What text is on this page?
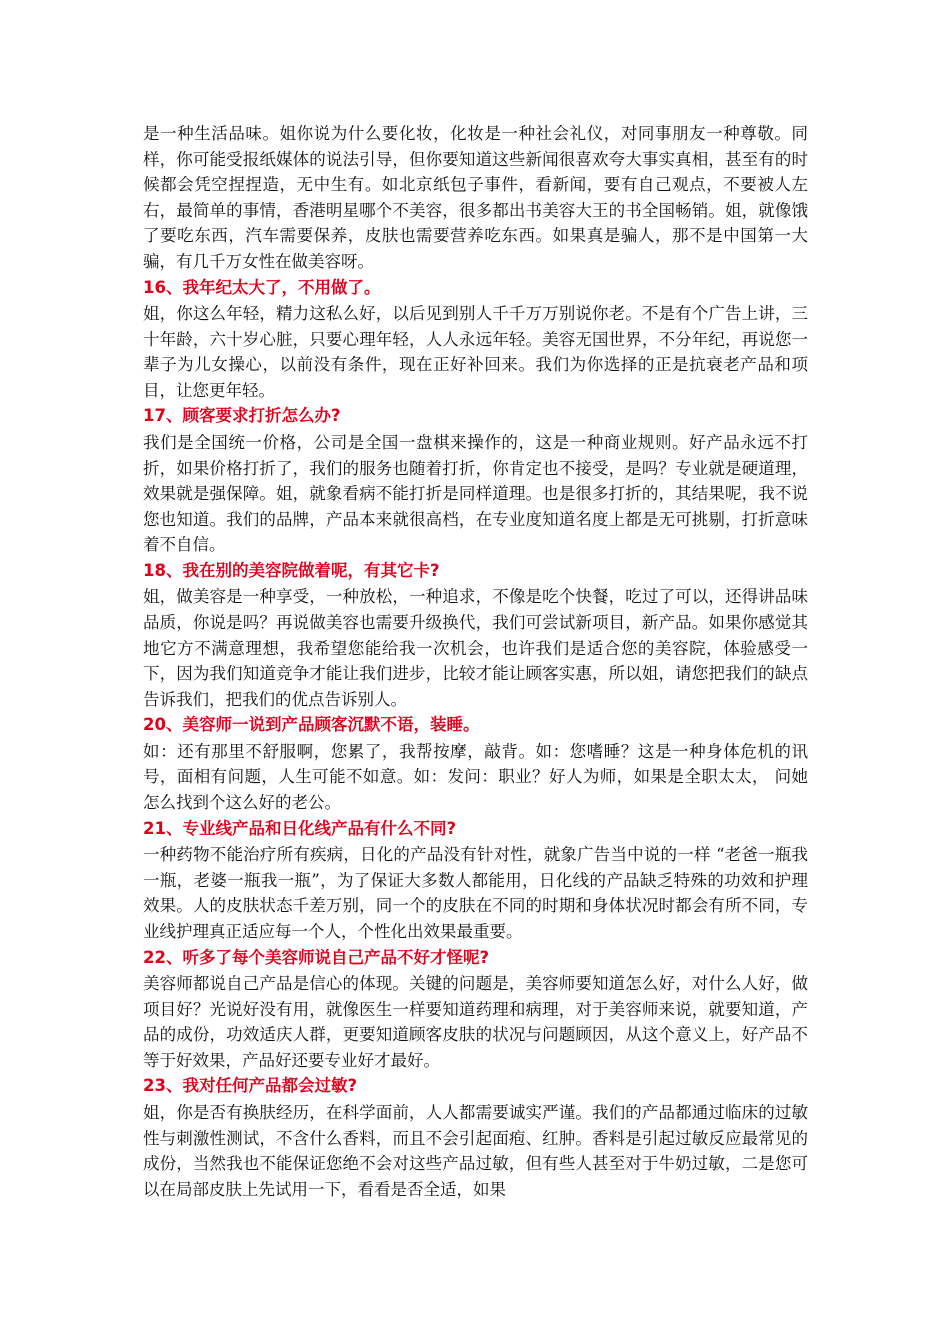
是一种生活品味。姐你说为什么要化妆，化妆是一种社会礼仪，对同事朋友一种尊敬。同样，你可能受报纸媒体的说法引导，但你要知道这些新闻很喜欢夸大事实真相，甚至有的时候都会凭空捏捏造，无中生有。如北京纸包子事件，看新闻，要有自己观点，不要被人左右，最简单的事情，香港明星哪个不美容，很多都出书美容大王的书全国畅销。姐，就像饿了要吃东西，汽车需要保养，皮肤也需要营养吃东西。如果真是骗人，那不是中国第一大骗，有几千万女性在做美容呀。

16、我年纪太大了，不用做了。

姐，你这么年轻，精力这私么好，以后见到别人千千万万别说你老。不是有个广告上讲，三十年龄，六十岁心脏，只要心理年轻，人人永远年轻。美容无国世界，不分年纪，再说您一辈子为儿女操心，以前没有条件，现在正好补回来。我们为你选择的正是抗衰老产品和项目，让您更年轻。

17、顾客要求打折怎么办?

我们是全国统一价格，公司是全国一盘棋来操作的，这是一种商业规则。好产品永远不打折，如果价格打折了，我们的服务也随着打折，你肯定也不接受，是吗？专业就是硬道理，效果就是强保障。姐，就象看病不能打折是同样道理。也是很多打折的，其结果呢，我不说您也知道。我们的品牌，产品本来就很高档，在专业度知道名度上都是无可挑剔，打折意味着不自信。

18、我在别的美容院做着呢，有其它卡?

姐，做美容是一种享受，一种放松，一种追求，不像是吃个快餐，吃过了可以，还得讲品味品质，你说是吗？再说做美容也需要升级换代，我们可尝试新项目，新产品。如果你感觉其地它方不满意理想，我希望您能给我一次机会，也许我们是适合您的美容院，体验感受一下，因为我们知道竞争才能让我们进步，比较才能让顾客实惠，所以姐，请您把我们的缺点告诉我们，把我们的优点告诉别人。

20、美容师一说到产品顾客沉默不语，装睡。

如：还有那里不舒服啊，您累了，我帮按摩，敲背。如：您嗜睡？这是一种身体危机的讯号，面相有问题，人生可能不如意。如：发问：职业？好人为师，如果是全职太太， 问她怎么找到个这么好的老公。

21、专业线产品和日化线产品有什么不同?

一种药物不能治疗所有疾病，日化的产品没有针对性，就象广告当中说的一样 “老爸一瓶我一瓶，老婆一瓶我一瓶”，为了保证大多数人都能用，日化线的产品缺乏特殊的功效和护理效果。人的皮肤状态千差万别，同一个的皮肤在不同的时期和身体状况时都会有所不同，专业线护理真正适应每一个人，个性化出效果最重要。

22、听多了每个美容师说自己产品不好才怪呢?

美容师都说自己产品是信心的体现。关键的问题是，美容师要知道怎么好，对什么人好，做项目好？光说好没有用，就像医生一样要知道药理和病理，对于美容师来说，就要知道，产品的成份，功效适庆人群，更要知道顾客皮肤的状况与问题顾因，从这个意义上，好产品不等于好效果，产品好还要专业好才最好。

23、我对任何产品都会过敏?

姐，你是否有换肤经历，在科学面前，人人都需要诚实严谨。我们的产品都通过临床的过敏性与刺激性测试，不含什么香料，而且不会引起面疱、红肿。香料是引起过敏反应最常见的成份，当然我也不能保证您绝不会对这些产品过敏，但有些人甚至对于牛奶过敏，二是您可以在局部皮肤上先试用一下，看看是否全适，如果
